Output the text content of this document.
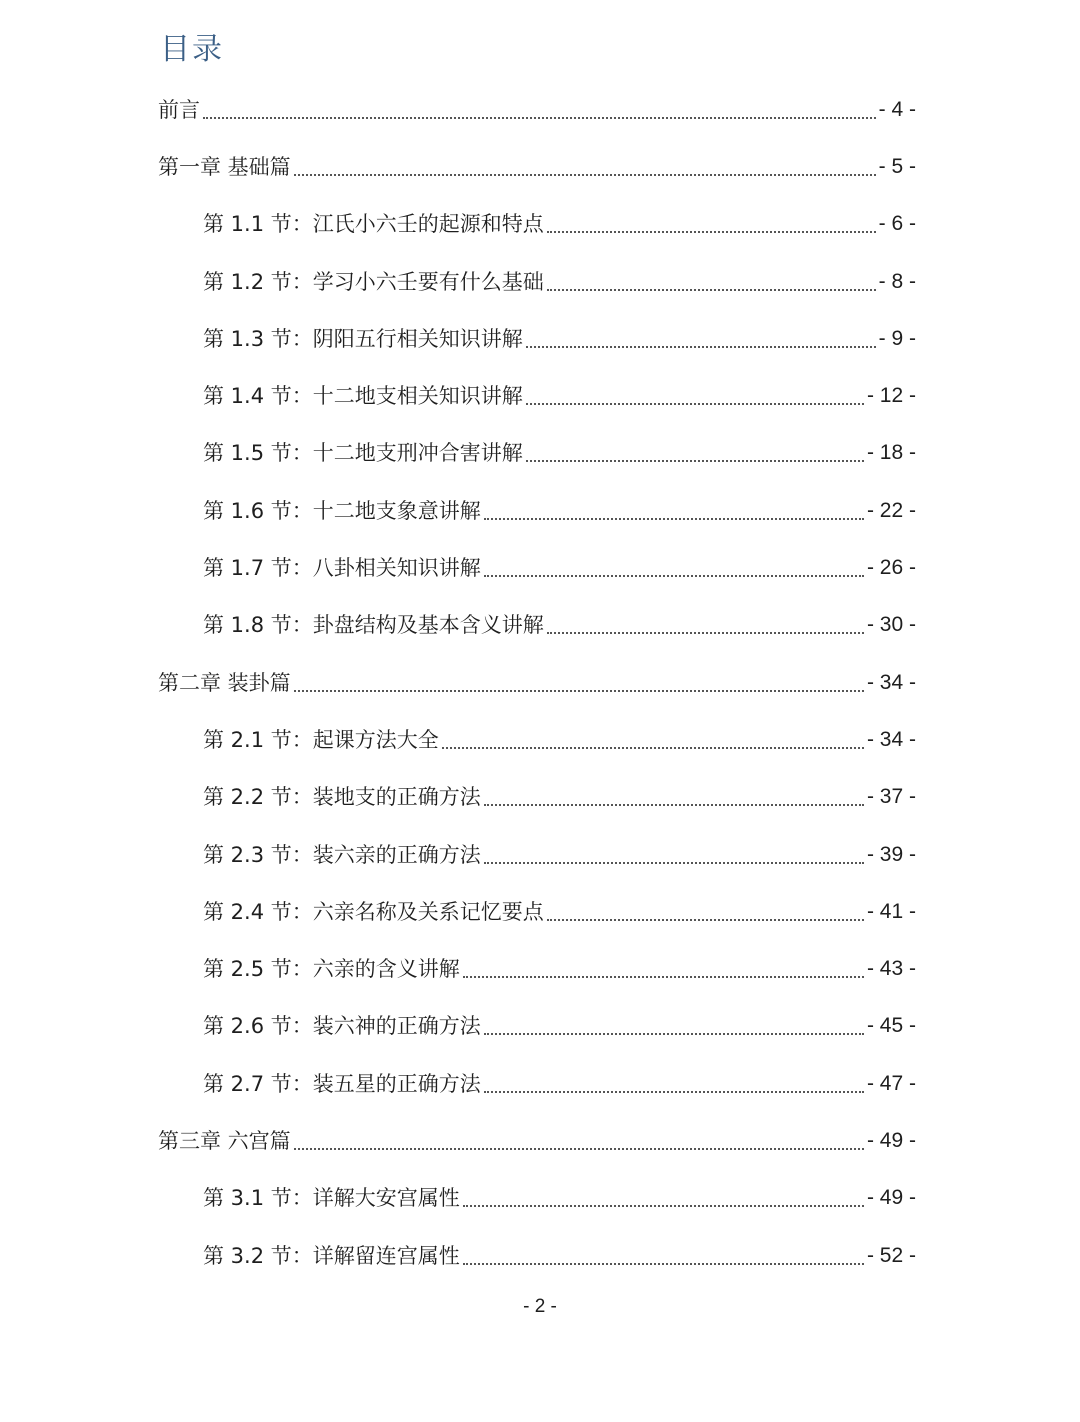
目录
前言	- 4 -
第一章 基础篇	- 5 -
第 1.1 节：江氏小六壬的起源和特点	- 6 -
第 1.2 节：学习小六壬要有什么基础	- 8 -
第 1.3 节：阴阳五行相关知识讲解	- 9 -
第 1.4 节：十二地支相关知识讲解	- 12 -
第 1.5 节：十二地支刑冲合害讲解	- 18 -
第 1.6 节：十二地支象意讲解	- 22 -
第 1.7 节：八卦相关知识讲解	- 26 -
第 1.8 节：卦盘结构及基本含义讲解	- 30 -
第二章 装卦篇	- 34 -
第 2.1 节：起课方法大全	- 34 -
第 2.2 节：装地支的正确方法	- 37 -
第 2.3 节：装六亲的正确方法	- 39 -
第 2.4 节：六亲名称及关系记忆要点	- 41 -
第 2.5 节：六亲的含义讲解	- 43 -
第 2.6 节：装六神的正确方法	- 45 -
第 2.7 节：装五星的正确方法	- 47 -
第三章 六宫篇	- 49 -
第 3.1 节：详解大安宫属性	- 49 -
第 3.2 节：详解留连宫属性	- 52 -
- 2 -
